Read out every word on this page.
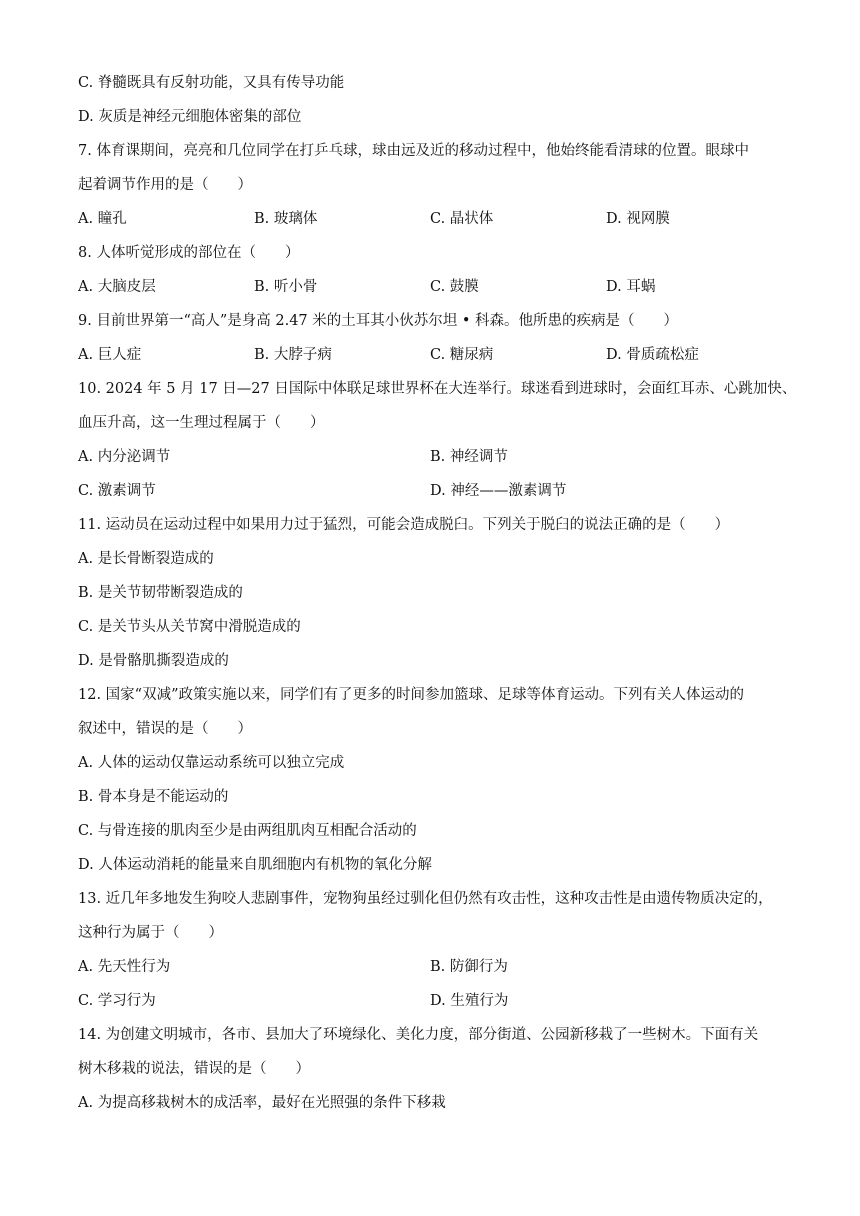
C. 脊髓既具有反射功能，又具有传导功能
D. 灰质是神经元细胞体密集的部位
7. 体育课期间，亮亮和几位同学在打乒乓球，球由远及近的移动过程中，他始终能看清球的位置。眼球中
起着调节作用的是（　　）
A. 瞳孔	B. 玻璃体	C. 晶状体	D. 视网膜
8. 人体听觉形成的部位在（　　）
A. 大脑皮层	B. 听小骨	C. 鼓膜	D. 耳蜗
9. 目前世界第一“高人”是身高 2.47 米的土耳其小伙苏尔坦 • 科森。他所患的疾病是（　　）
A. 巨人症	B. 大脖子病	C. 糖尿病	D. 骨质疏松症
10. 2024 年 5 月 17 日—27 日国际中体联足球世界杯在大连举行。球迷看到进球时，会面红耳赤、心跳加快、
血压升高，这一生理过程属于（　　）
A. 内分泌调节	B. 神经调节
C. 激素调节	D. 神经——激素调节
11. 运动员在运动过程中如果用力过于猛烈，可能会造成脱臼。下列关于脱臼的说法正确的是（　　）
A. 是长骨断裂造成的
B. 是关节韧带断裂造成的
C. 是关节头从关节窝中滑脱造成的
D. 是骨骼肌撕裂造成的
12. 国家“双减”政策实施以来，同学们有了更多的时间参加篮球、足球等体育运动。下列有关人体运动的
叙述中，错误的是（　　）
A. 人体的运动仅靠运动系统可以独立完成
B. 骨本身是不能运动的
C. 与骨连接的肌肉至少是由两组肌肉互相配合活动的
D. 人体运动消耗的能量来自肌细胞内有机物的氧化分解
13. 近几年多地发生狗咬人悲剧事件，宠物狗虽经过驯化但仍然有攻击性，这种攻击性是由遗传物质决定的，
这种行为属于（　　）
A. 先天性行为	B. 防御行为
C. 学习行为	D. 生殖行为
14. 为创建文明城市，各市、县加大了环境绿化、美化力度，部分街道、公园新移栽了一些树木。下面有关
树木移栽的说法，错误的是（　　）
A. 为提高移栽树木的成活率，最好在光照强的条件下移栽
